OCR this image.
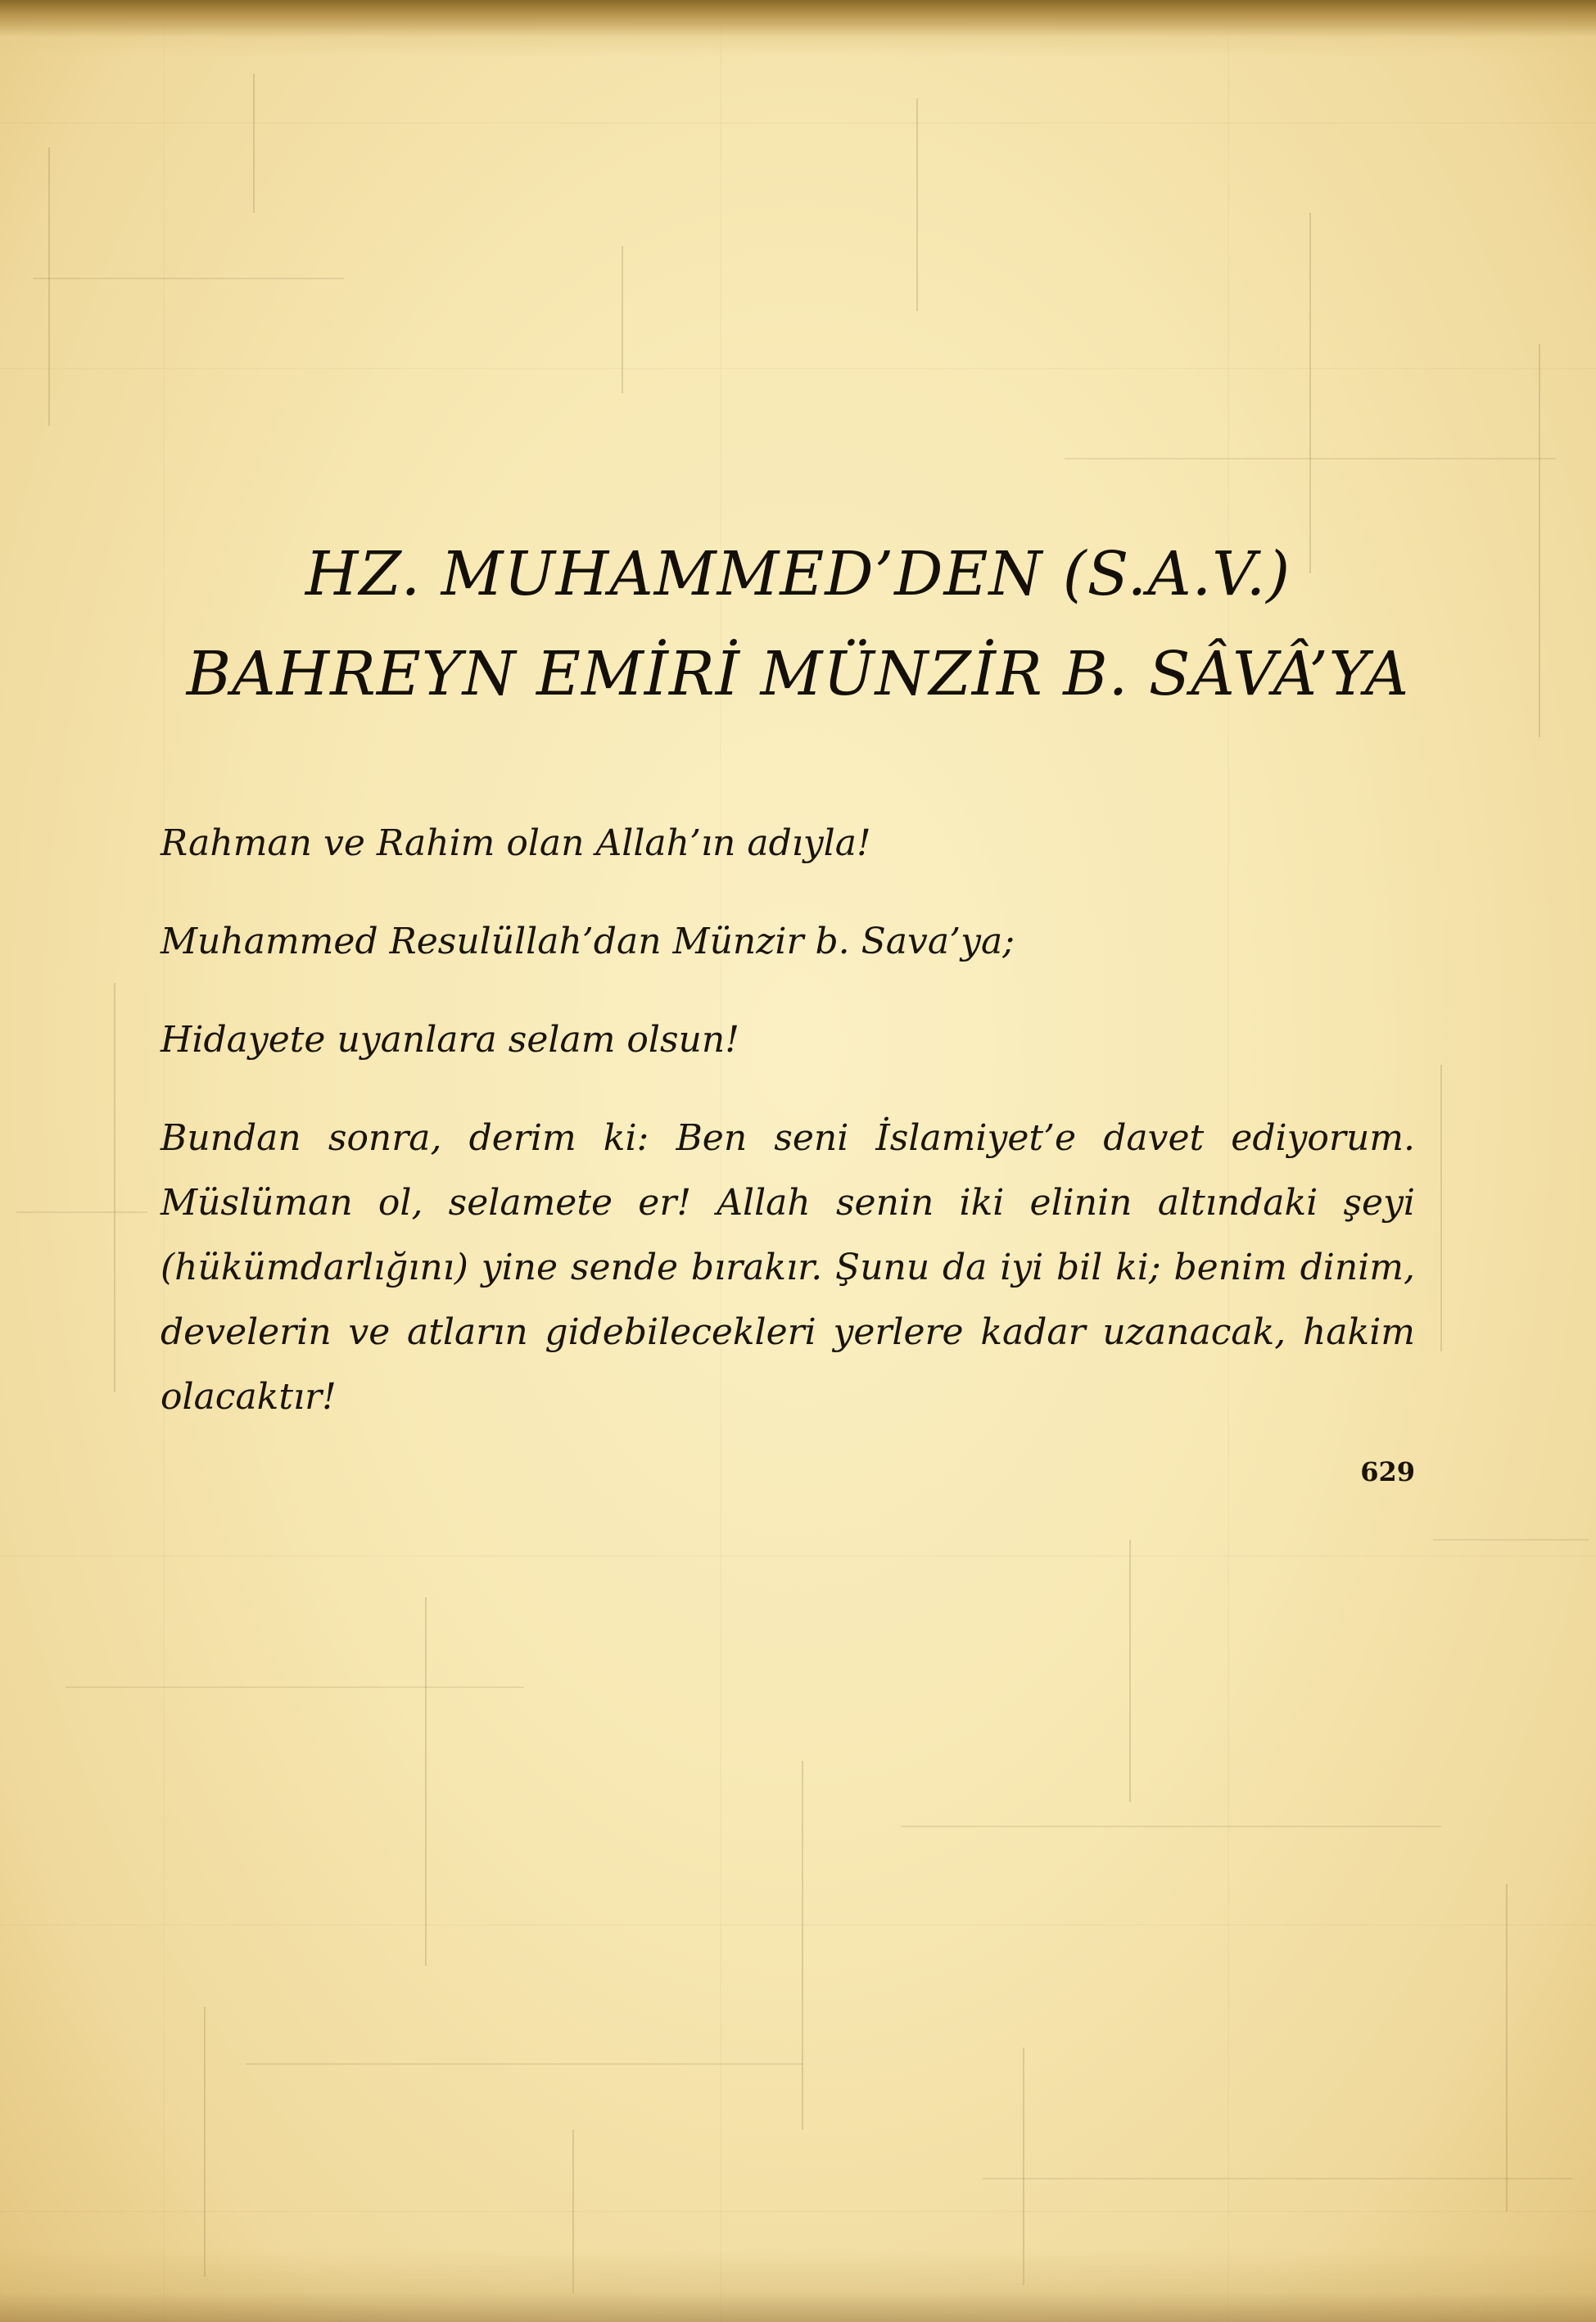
HZ. MUHAMMED’DEN (S.A.V.)
BAHREYN EMİRİ MÜNZİR B. SÂVÂ’YA

Rahman ve Rahim olan Allah’ın adıyla!

Muhammed Resulüllah’dan Münzir b. Sava’ya;

Hidayete uyanlara selam olsun!

Bundan sonra, derim ki: Ben seni İslamiyet’e davet ediyorum. Müslüman ol, selamete er! Allah senin iki elinin altındaki şeyi (hükümdarlığını) yine sende bırakır. Şunu da iyi bil ki; benim dinim, develerin ve atların gidebilecekleri yerlere kadar uzanacak, hakim olacaktır!

629
